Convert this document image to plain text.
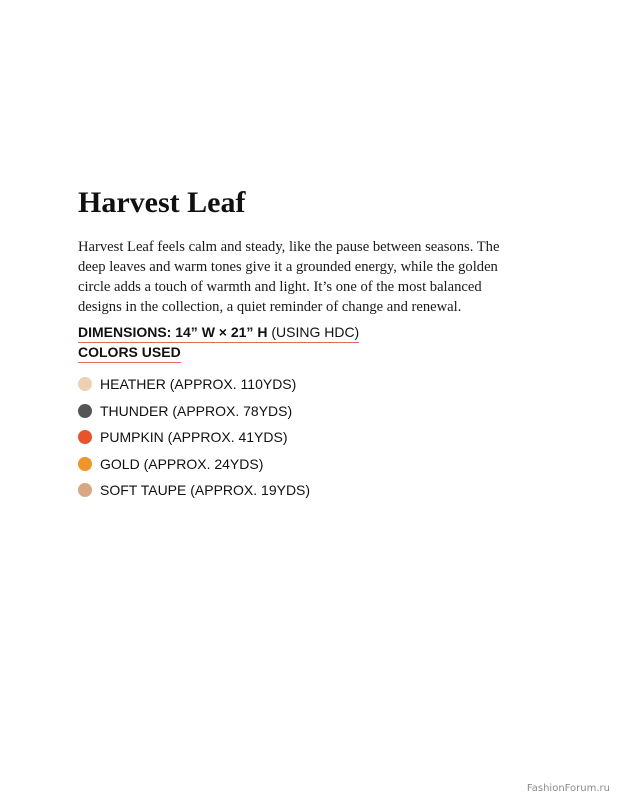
Harvest Leaf

Harvest Leaf feels calm and steady, like the pause between seasons. The
deep leaves and warm tones give it a grounded energy, while the golden
circle adds a touch of warmth and light. It’s one of the most balanced
designs in the collection, a quiet reminder of change and renewal.

DIMENSIONS: 14” W × 21” H (USING HDC)
COLORS USED
HEATHER (APPROX. 110YDS)
THUNDER (APPROX. 78YDS)
PUMPKIN (APPROX. 41YDS)
GOLD (APPROX. 24YDS)
SOFT TAUPE (APPROX. 19YDS)
FashionForum.ru
